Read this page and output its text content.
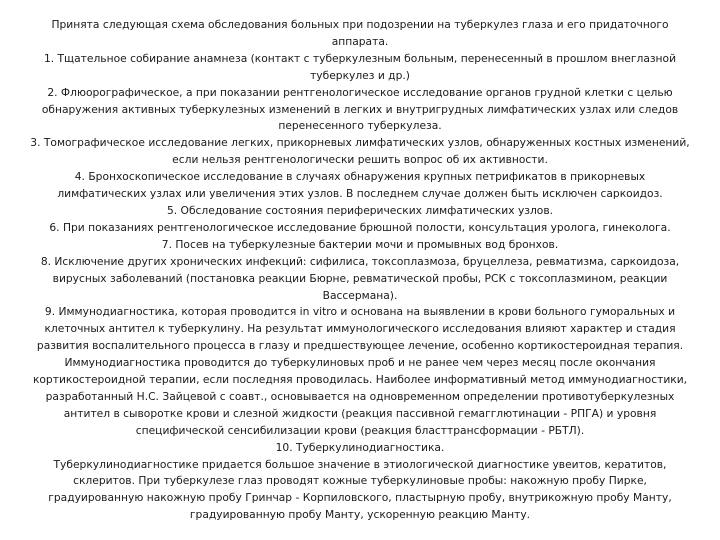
Принята следующая схема обследования больных при подозрении на туберкулез глаза и его придаточного аппарата.

1. Тщательное собирание анамнеза (контакт с туберкулезным больным, перенесенный в прошлом внеглазной туберкулез и др.)

2. Флюорографическое, а при показании рентгенологическое исследование органов грудной клетки с целью обнаружения активных туберкулезных изменений в легких и внутригрудных лимфатических узлах или следов перенесенного туберкулеза.

3. Томографическое исследование легких, прикорневых лимфатических узлов, обнаруженных костных изменений, если нельзя рентгенологически решить вопрос об их активности.

4. Бронхоскопическое исследование в случаях обнаружения крупных петрификатов в прикорневых лимфатических узлах или увеличения этих узлов. В последнем случае должен быть исключен саркоидоз.

5. Обследование состояния периферических лимфатических узлов.

6. При показаниях рентгенологическое исследование брюшной полости, консультация уролога, гинеколога.

7. Посев на туберкулезные бактерии мочи и промывных вод бронхов.

8. Исключение других хронических инфекций: сифилиса, токсоплазмоза, бруцеллеза, ревматизма, саркоидоза, вирусных заболеваний (постановка реакции Бюрне, ревматической пробы, РСК с токсоплазмином, реакции Вассермана).

9. Иммунодиагностика, которая проводится in vitro и основана на выявлении в крови больного гуморальных и клеточных антител к туберкулину. На результат иммунологического исследования влияют характер и стадия развития воспалительного процесса в глазу и предшествующее лечение, особенно кортикостероидная терапия. Иммунодиагностика проводится до туберкулиновых проб и не ранее чем через месяц после окончания кортикостероидной терапии, если последняя проводилась. Наиболее информативный метод иммунодиагностики, разработанный Н.С. Зайцевой с соавт., основывается на одновременном определении противотуберкулезных антител в сыворотке крови и слезной жидкости (реакция пассивной гемагглютинации - РПГА) и уровня специфической сенсибилизации крови (реакция бласттрансформации - РБТЛ).

10. Туберкулинодиагностика.

Туберкулинодиагностике придается большое значение в этиологической диагностике увеитов, кератитов, склеритов. При туберкулезе глаз проводят кожные туберкулиновые пробы: накожную пробу Пирке, градуированную накожную пробу Гринчар - Корпиловского, пластырную пробу, внутрикожную пробу Манту, градуированную пробу Манту, ускоренную реакцию Манту.
